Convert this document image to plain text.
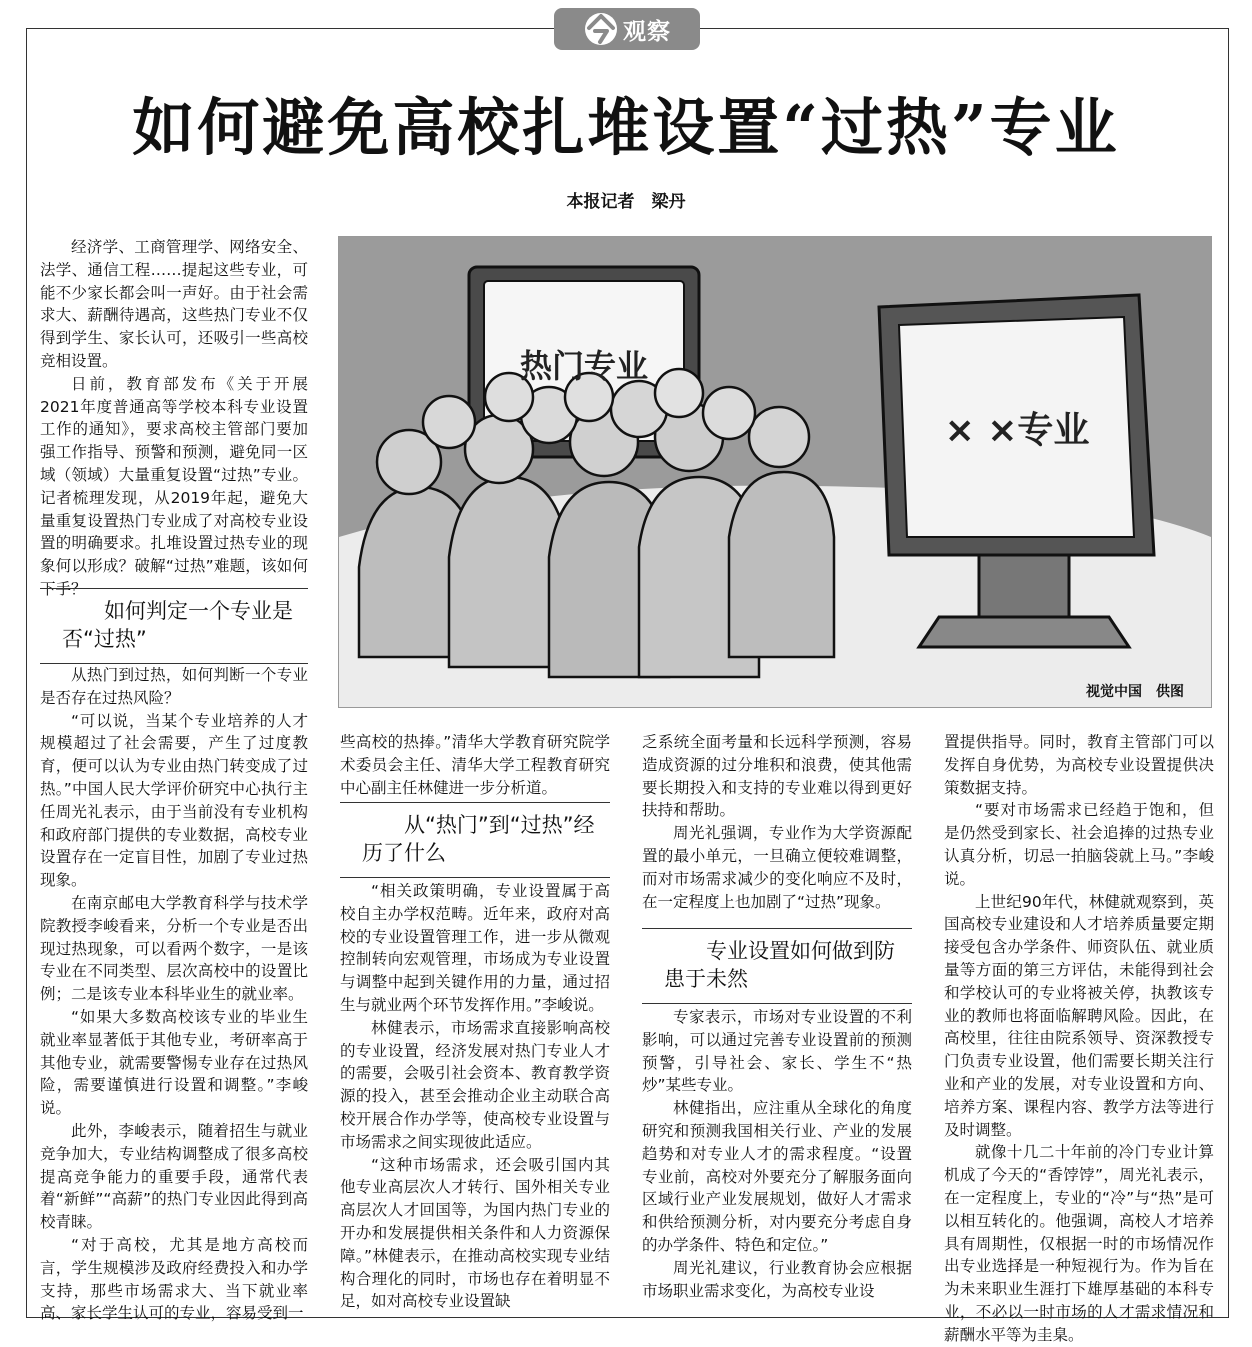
观察
如何避免高校扎堆设置“过热”专业
本报记者　梁丹
热门专业
× ×专业
视觉中国　供图

经济学、工商管理学、网络安全、法学、通信工程……提起这些专业，可能不少家长都会叫一声好。由于社会需求大、薪酬待遇高，这些热门专业不仅得到学生、家长认可，还吸引一些高校竞相设置。

日前，教育部发布《关于开展2021年度普通高等学校本科专业设置工作的通知》，要求高校主管部门要加强工作指导、预警和预测，避免同一区域（领域）大量重复设置“过热”专业。记者梳理发现，从2019年起，避免大量重复设置热门专业成了对高校专业设置的明确要求。扎堆设置过热专业的现象何以形成？破解“过热”难题，该如何下手？

如何判定一个专业是否“过热”

从热门到过热，如何判断一个专业是否存在过热风险？

“可以说，当某个专业培养的人才规模超过了社会需要，产生了过度教育，便可以认为专业由热门转变成了过热。”中国人民大学评价研究中心执行主任周光礼表示，由于当前没有专业机构和政府部门提供的专业数据，高校专业设置存在一定盲目性，加剧了专业过热现象。

在南京邮电大学教育科学与技术学院教授李峻看来，分析一个专业是否出现过热现象，可以看两个数字，一是该专业在不同类型、层次高校中的设置比例；二是该专业本科毕业生的就业率。

“如果大多数高校该专业的毕业生就业率显著低于其他专业，考研率高于其他专业，就需要警惕专业存在过热风险，需要谨慎进行设置和调整。”李峻说。

此外，李峻表示，随着招生与就业竞争加大，专业结构调整成了很多高校提高竞争能力的重要手段，通常代表着“新鲜”“高薪”的热门专业因此得到高校青睐。

“对于高校，尤其是地方高校而言，学生规模涉及政府经费投入和办学支持，那些市场需求大、当下就业率高、家长学生认可的专业，容易受到一

些高校的热捧。”清华大学教育研究院学术委员会主任、清华大学工程教育研究中心副主任林健进一步分析道。

从“热门”到“过热”经历了什么

“相关政策明确，专业设置属于高校自主办学权范畴。近年来，政府对高校的专业设置管理工作，进一步从微观控制转向宏观管理，市场成为专业设置与调整中起到关键作用的力量，通过招生与就业两个环节发挥作用。”李峻说。

林健表示，市场需求直接影响高校的专业设置，经济发展对热门专业人才的需要，会吸引社会资本、教育教学资源的投入，甚至会推动企业主动联合高校开展合作办学等，使高校专业设置与市场需求之间实现彼此适应。

“这种市场需求，还会吸引国内其他专业高层次人才转行、国外相关专业高层次人才回国等，为国内热门专业的开办和发展提供相关条件和人力资源保障。”林健表示，在推动高校实现专业结构合理化的同时，市场也存在着明显不足，如对高校专业设置缺

乏系统全面考量和长远科学预测，容易造成资源的过分堆积和浪费，使其他需要长期投入和支持的专业难以得到更好扶持和帮助。

周光礼强调，专业作为大学资源配置的最小单元，一旦确立便较难调整，而对市场需求减少的变化响应不及时，在一定程度上也加剧了“过热”现象。

专业设置如何做到防患于未然

专家表示，市场对专业设置的不利影响，可以通过完善专业设置前的预测预警，引导社会、家长、学生不“热炒”某些专业。

林健指出，应注重从全球化的角度研究和预测我国相关行业、产业的发展趋势和对专业人才的需求程度。“设置专业前，高校对外要充分了解服务面向区域行业产业发展规划，做好人才需求和供给预测分析，对内要充分考虑自身的办学条件、特色和定位。”

周光礼建议，行业教育协会应根据市场职业需求变化，为高校专业设

置提供指导。同时，教育主管部门可以发挥自身优势，为高校专业设置提供决策数据支持。

“要对市场需求已经趋于饱和，但是仍然受到家长、社会追捧的过热专业认真分析，切忌一拍脑袋就上马。”李峻说。

上世纪90年代，林健就观察到，英国高校专业建设和人才培养质量要定期接受包含办学条件、师资队伍、就业质量等方面的第三方评估，未能得到社会和学校认可的专业将被关停，执教该专业的教师也将面临解聘风险。因此，在高校里，往往由院系领导、资深教授专门负责专业设置，他们需要长期关注行业和产业的发展，对专业设置和方向、培养方案、课程内容、教学方法等进行及时调整。

就像十几二十年前的冷门专业计算机成了今天的“香饽饽”，周光礼表示，在一定程度上，专业的“冷”与“热”是可以相互转化的。他强调，高校人才培养具有周期性，仅根据一时的市场情况作出专业选择是一种短视行为。作为旨在为未来职业生涯打下雄厚基础的本科专业，不必以一时市场的人才需求情况和薪酬水平等为圭臬。
